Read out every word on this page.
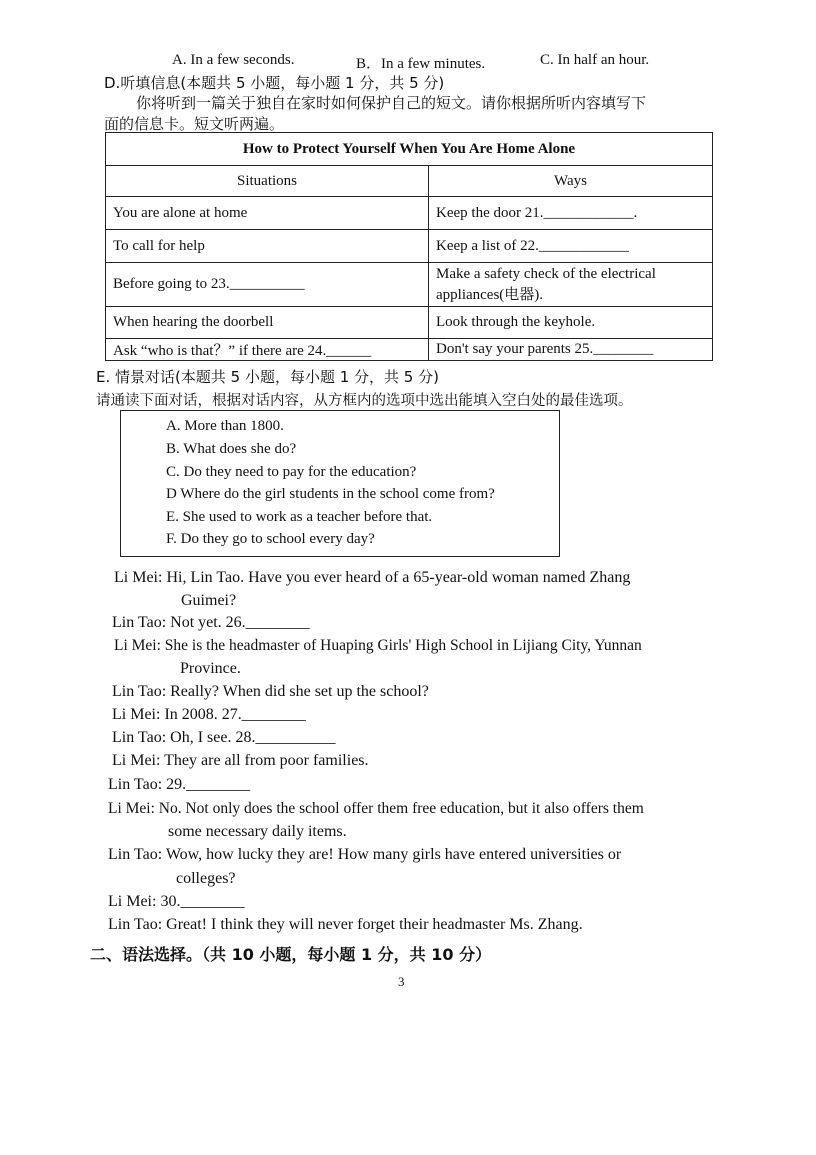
A. In a few seconds.	B．In a few minutes.	C. In half an hour.
D.听填信息(本题共 5 小题，每小题 1 分，共 5 分)
你将听到一篇关于独自在家时如何保护自己的短文。请你根据所听内容填写下
面的信息卡。短文听两遍。
How to Protect Yourself When You Are Home Alone	
Situations	Ways
You are alone at home	Keep the door 21.____________.
To call for help	Keep a list of 22.____________
Before going to 23.__________	Make a safety check of the electrical appliances(电器).
When hearing the doorbell	Look through the keyhole.
Ask “who is that？” if there are 24.______	Don't say your parents 25.________
E. 情景对话(本题共 5 小题，每小题 1 分，共 5 分)
请通读下面对话，根据对话内容，从方框内的选项中选出能填入空白处的最佳选项。
A. More than 1800.
B. What does she do?
C. Do they need to pay for the education?
D Where do the girl students in the school come from?
E. She used to work as a teacher before that.
F. Do they go to school every day?
Li Mei: Hi, Lin Tao. Have you ever heard of a 65-year-old woman named Zhang
Guimei?
Lin Tao: Not yet. 26.________
Li Mei: She is the headmaster of Huaping Girls' High School in Lijiang City, Yunnan
Province.
Lin Tao: Really? When did she set up the school?
Li Mei: In 2008. 27.________
Lin Tao: Oh, I see. 28.__________
Li Mei: They are all from poor families.
Lin Tao: 29.________
Li Mei: No. Not only does the school offer them free education, but it also offers them
some necessary daily items.
Lin Tao: Wow, how lucky they are! How many girls have entered universities or
colleges?
Li Mei: 30.________
Lin Tao: Great! I think they will never forget their headmaster Ms. Zhang.
二、语法选择。（共 10 小题，每小题 1 分，共 10 分）
3
